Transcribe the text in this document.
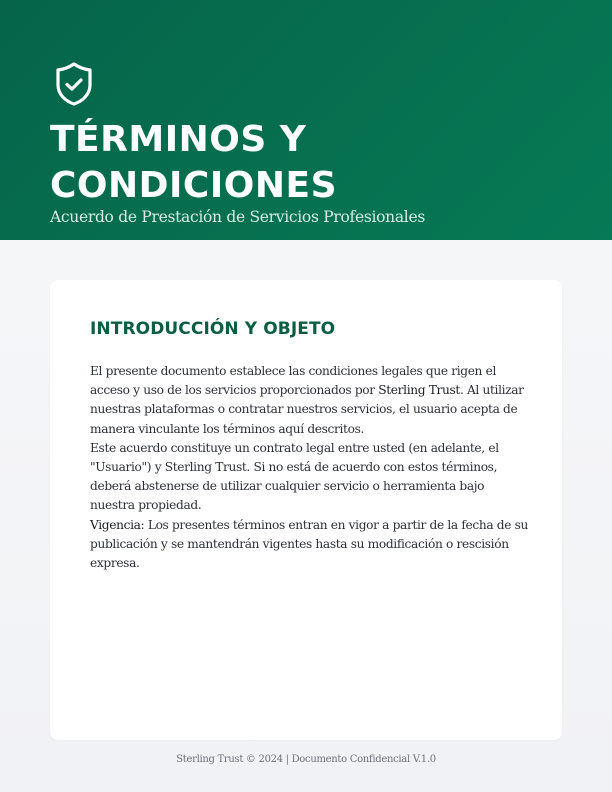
TÉRMINOS Y
CONDICIONES
Acuerdo de Prestación de Servicios Profesionales
INTRODUCCIÓN Y OBJETO

El presente documento establece las condiciones legales que rigen el acceso y uso de los servicios proporcionados por Sterling Trust. Al utilizar nuestras plataformas o contratar nuestros servicios, el usuario acepta de manera vinculante los términos aquí descritos.

Este acuerdo constituye un contrato legal entre usted (en adelante, el "Usuario") y Sterling Trust. Si no está de acuerdo con estos términos, deberá abstenerse de utilizar cualquier servicio o herramienta bajo nuestra propiedad.

Vigencia: Los presentes términos entran en vigor a partir de la fecha de su publicación y se mantendrán vigentes hasta su modificación o rescisión expresa.

Sterling Trust © 2024 | Documento Confidencial V.1.0
